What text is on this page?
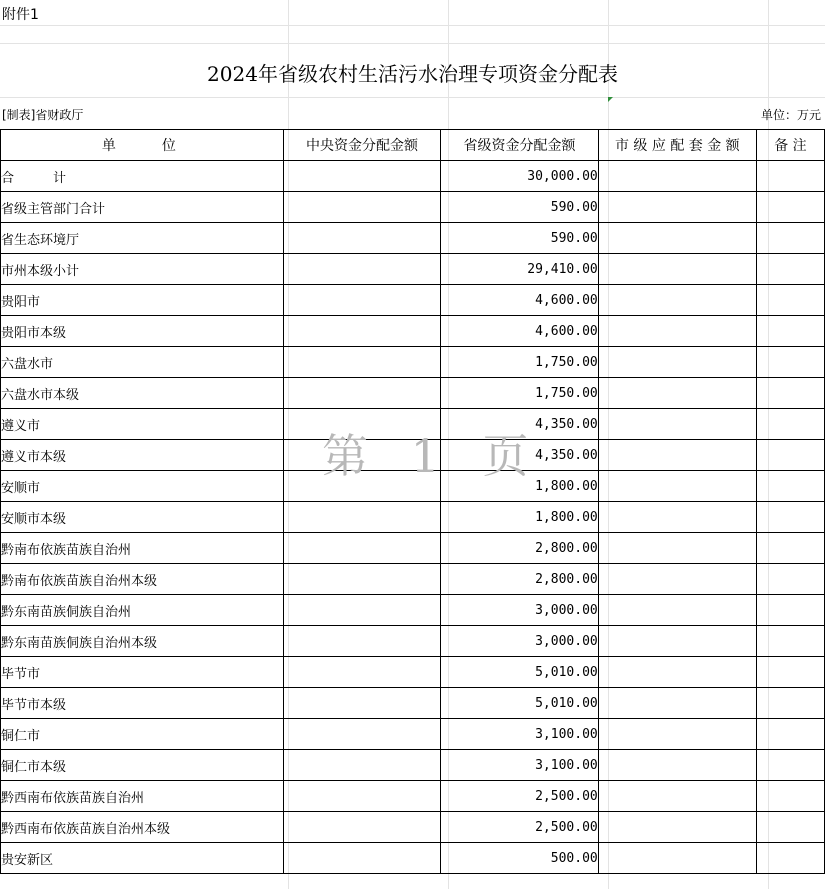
附件1
2024年省级农村生活污水治理专项资金分配表
[制表]省财政厅	单位：万元
单　　位	中央资金分配金额	省级资金分配金额	市 级 应 配 套 金 额	备 注
合　　　计		30,000.00		
省级主管部门合计		590.00		
省生态环境厅		590.00		
市州本级小计		29,410.00		
贵阳市		4,600.00		
贵阳市本级		4,600.00		
六盘水市		1,750.00		
六盘水市本级		1,750.00		
遵义市		4,350.00		
遵义市本级		4,350.00		
安顺市		1,800.00		
安顺市本级		1,800.00		
黔南布依族苗族自治州		2,800.00		
黔南布依族苗族自治州本级		2,800.00		
黔东南苗族侗族自治州		3,000.00		
黔东南苗族侗族自治州本级		3,000.00		
毕节市		5,010.00		
毕节市本级		5,010.00		
铜仁市		3,100.00		
铜仁市本级		3,100.00		
黔西南布依族苗族自治州		2,500.00		
黔西南布依族苗族自治州本级		2,500.00		
贵安新区		500.00		
第 1 页
